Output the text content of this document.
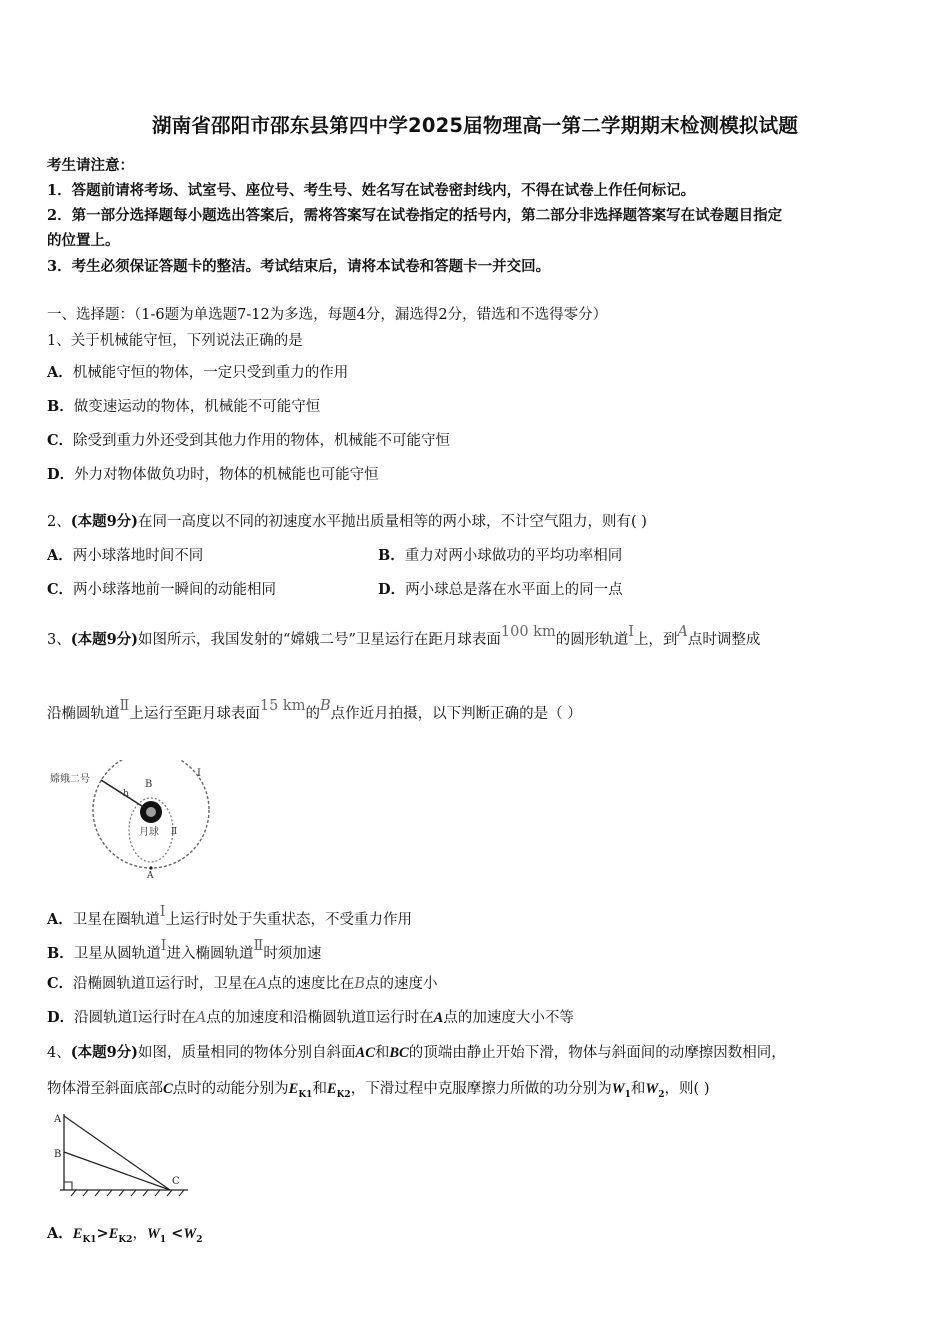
湖南省邵阳市邵东县第四中学2025届物理高一第二学期期末检测模拟试题
考生请注意：
1．答题前请将考场、试室号、座位号、考生号、姓名写在试卷密封线内，不得在试卷上作任何标记。
2．第一部分选择题每小题选出答案后，需将答案写在试卷指定的括号内，第二部分非选择题答案写在试卷题目指定
的位置上。
3．考生必须保证答题卡的整洁。考试结束后，请将本试卷和答题卡一并交回。
一、选择题：（1-6题为单选题7-12为多选，每题4分，漏选得2分，错选和不选得零分）
1、关于机械能守恒，下列说法正确的是
A．机械能守恒的物体，一定只受到重力的作用
B．做变速运动的物体，机械能不可能守恒
C．除受到重力外还受到其他力作用的物体，机械能不可能守恒
D．外力对物体做负功时，物体的机械能也可能守恒
2、(本题9分)在同一高度以不同的初速度水平抛出质量相等的两小球，不计空气阻力，则有( )
A．两小球落地时间不同	B．重力对两小球做功的平均功率相同
C．两小球落地前一瞬间的动能相同	D．两小球总是落在水平面上的同一点
3、(本题9分)如图所示，我国发射的“嫦娥二号”卫星运行在距月球表面100 km的圆形轨道Ⅰ上，到A点时调整成
沿椭圆轨道Ⅱ上运行至距月球表面15 km的B点作近月拍摄，以下判断正确的是（ ）
嫦娥二号	B
h
月球 Ⅱ
Ⅰ
A
A．卫星在圈轨道Ⅰ上运行时处于失重状态，不受重力作用
B．卫星从圆轨道Ⅰ进入椭圆轨道Ⅱ时须加速
C．沿椭圆轨道Ⅱ运行时，卫星在A点的速度比在B点的速度小
D．沿圆轨道Ⅰ运行时在A点的加速度和沿椭圆轨道Ⅱ运行时在A点的加速度大小不等
4、(本题9分)如图，质量相同的物体分别自斜面AC和BC的顶端由静止开始下滑，物体与斜面间的动摩擦因数相同，
物体滑至斜面底部C点时的动能分别为$E_{K1}$和$E_{K2}$，下滑过程中克服摩擦力所做的功分别为$W_1$和$W_2$，则( )
A
B
C
A．$E_{K1}>E_{K2}$，$W_1 <W_2$
